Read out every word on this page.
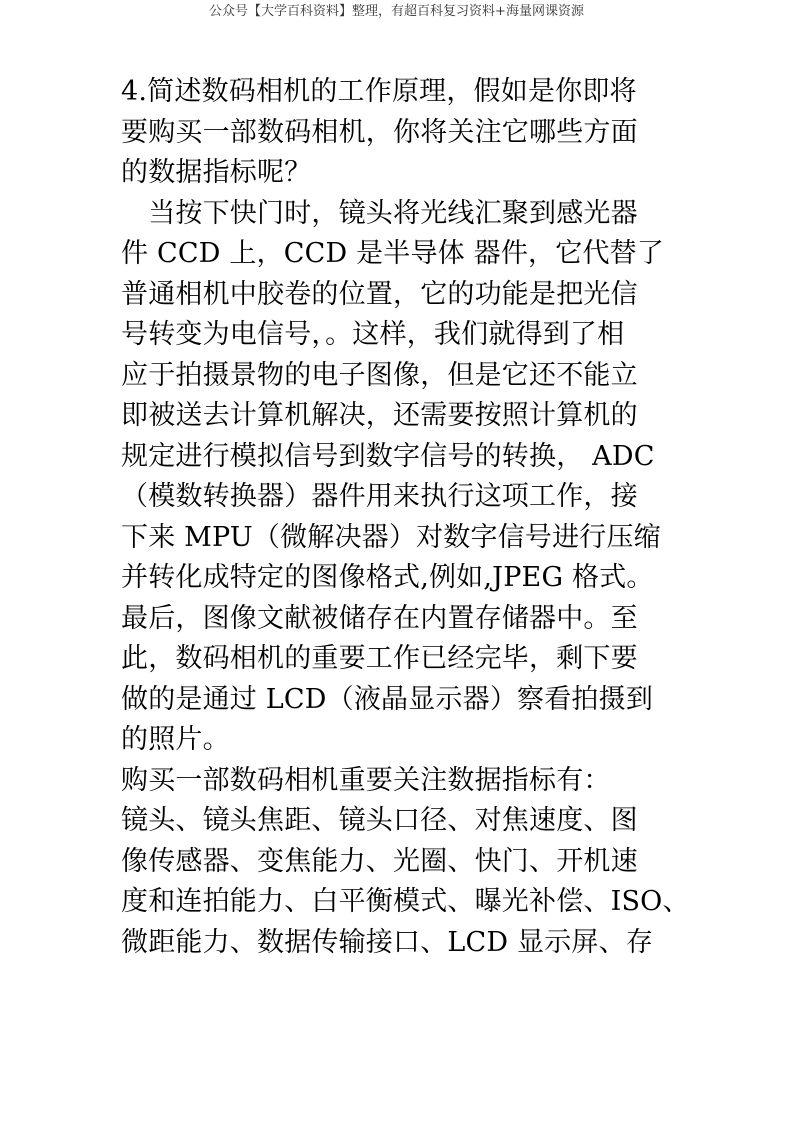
公众号【大学百科资料】整理，有超百科复习资料+海量网课资源
4.简述数码相机的工作原理，假如是你即将
要购买一部数码相机，你将关注它哪些方面
的数据指标呢？
　当按下快门时，镜头将光线汇聚到感光器
件 CCD 上，CCD 是半导体 器件，它代替了
普通相机中胶卷的位置，它的功能是把光信
号转变为电信号，。这样，我们就得到了相
应于拍摄景物的电子图像，但是它还不能立
即被送去计算机解决，还需要按照计算机的
规定进行模拟信号到数字信号的转换， ADC
（模数转换器）器件用来执行这项工作，接
下来 MPU（微解决器）对数字信号进行压缩
并转化成特定的图像格式,例如,JPEG 格式。
最后，图像文献被储存在内置存储器中。至
此，数码相机的重要工作已经完毕，剩下要
做的是通过 LCD（液晶显示器）察看拍摄到
的照片。
购买一部数码相机重要关注数据指标有：
镜头、镜头焦距、镜头口径、对焦速度、图
像传感器、变焦能力、光圈、快门、开机速
度和连拍能力、白平衡模式、曝光补偿、ISO、
微距能力、数据传输接口、LCD 显示屏、存
